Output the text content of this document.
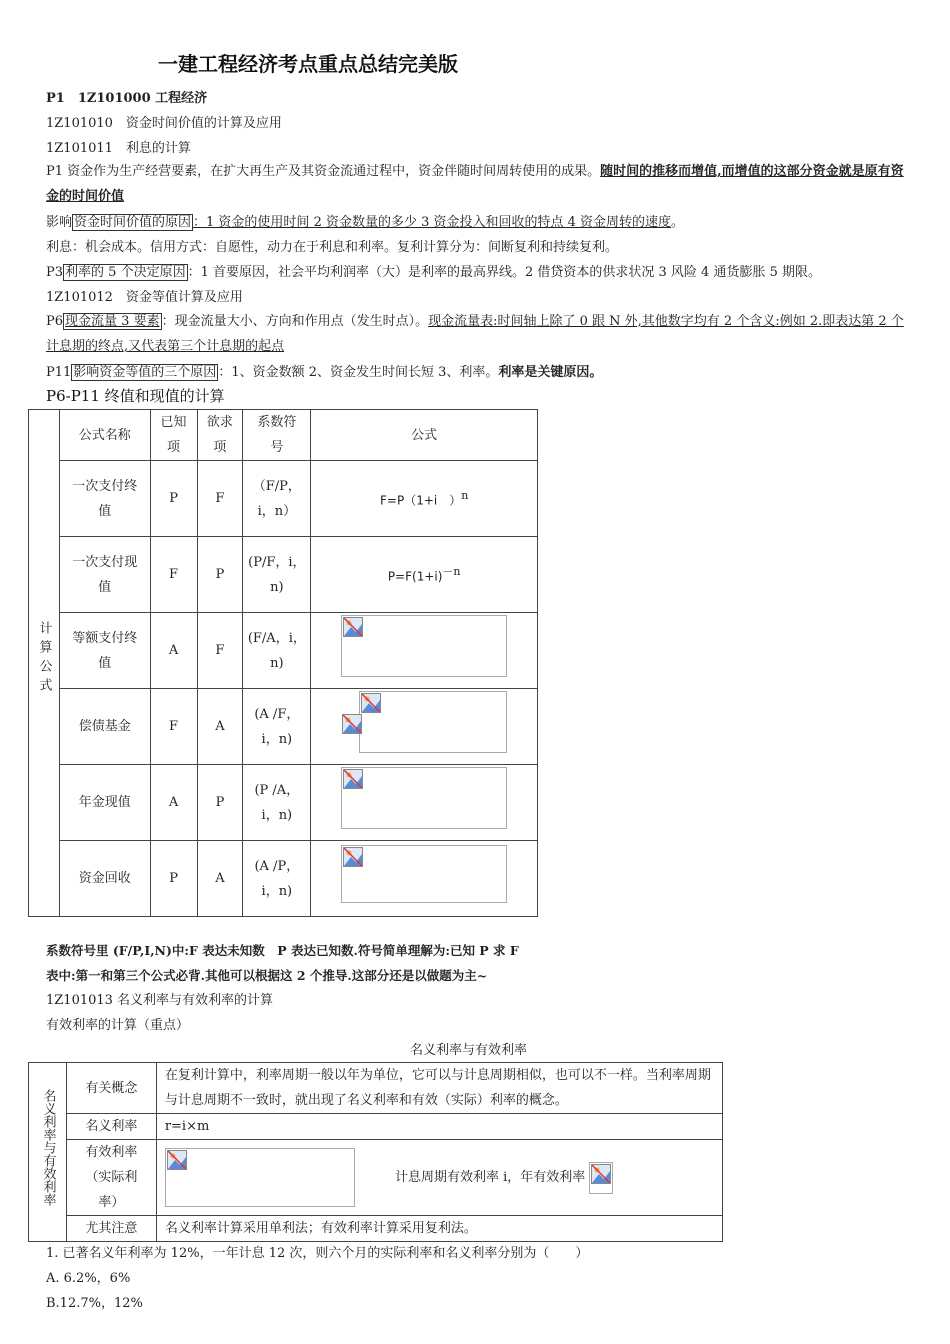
一建工程经济考点重点总结完美版
P1　1Z101000 工程经济
1Z101010　资金时间价值的计算及应用
1Z101011　利息的计算
P1 资金作为生产经营要素，在扩大再生产及其资金流通过程中，资金伴随时间周转使用的成果。随时间的推移而增值,而增值的这部分资金就是原有资金的时间价值
影响 资金时间价值的原因 ：1 资金的使用时间 2 资金数量的多少 3 资金投入和回收的特点 4 资金周转的速度。
利息：机会成本。信用方式：自愿性，动力在于利息和利率。复利计算分为：间断复利和持续复利。
P3 利率的 5 个决定原因 ：1 首要原因，社会平均利润率（大）是利率的最高界线。2 借贷资本的供求状况 3 风险 4 通货膨胀 5 期限。
1Z101012　资金等值计算及应用
P6 现金流量 3 要素 ：现金流量大小、方向和作用点（发生时点）。现金流量表:时间轴上除了 0 跟 N 外,其他数字均有 2 个含义:例如 2.即表达第 2 个计息期的终点,又代表第三个计息期的起点
P11 影响资金等值的三个原因 ：1、资金数额 2、资金发生时间长短 3、利率。利率是关键原因。
P6-P11 终值和现值的计算
计算公式	公式名称	已知项	欲求项	系数符号	公式
	一次支付终值	P	F	（F/P，i，n）	F=P（1+i　）$^n$
	一次支付现值	F	P	(P/F，i，n)	$P=F(1+i)^{-n}$
	等额支付终值	A	F	(F/A，i，n)	

	偿债基金	F	A	(A /F，i，n)	

	年金现值	A	P	(P /A，i，n)	

	资金回收	P	A	(A /P，i，n)	
系数符号里 (F/P,I,N)中:F 表达未知数　P 表达已知数.符号简单理解为:已知 P 求 F
表中:第一和第三个公式必背.其他可以根据这 2 个推导.这部分还是以做题为主~
1Z101013 名义利率与有效利率的计算
有效利率的计算（重点）
名义利率与有效利率
名义利率与有效利率	有关概念	在复利计算中，利率周期一般以年为单位，它可以与计息周期相似，也可以不一样。当利率周期与计息周期不一致时，就出现了名义利率和有效（实际）利率的概念。
	名义利率	r=i×m
	有效利率（实际利率）	计息周期有效利率 i，年有效利率

	尤其注意	名义利率计算采用单利法；有效利率计算采用复利法。
1. 已著名义年利率为 12%，一年计息 12 次，则六个月的实际利率和名义利率分别为（　　）
A. 6.2%，6%
B.12.7%，12%
